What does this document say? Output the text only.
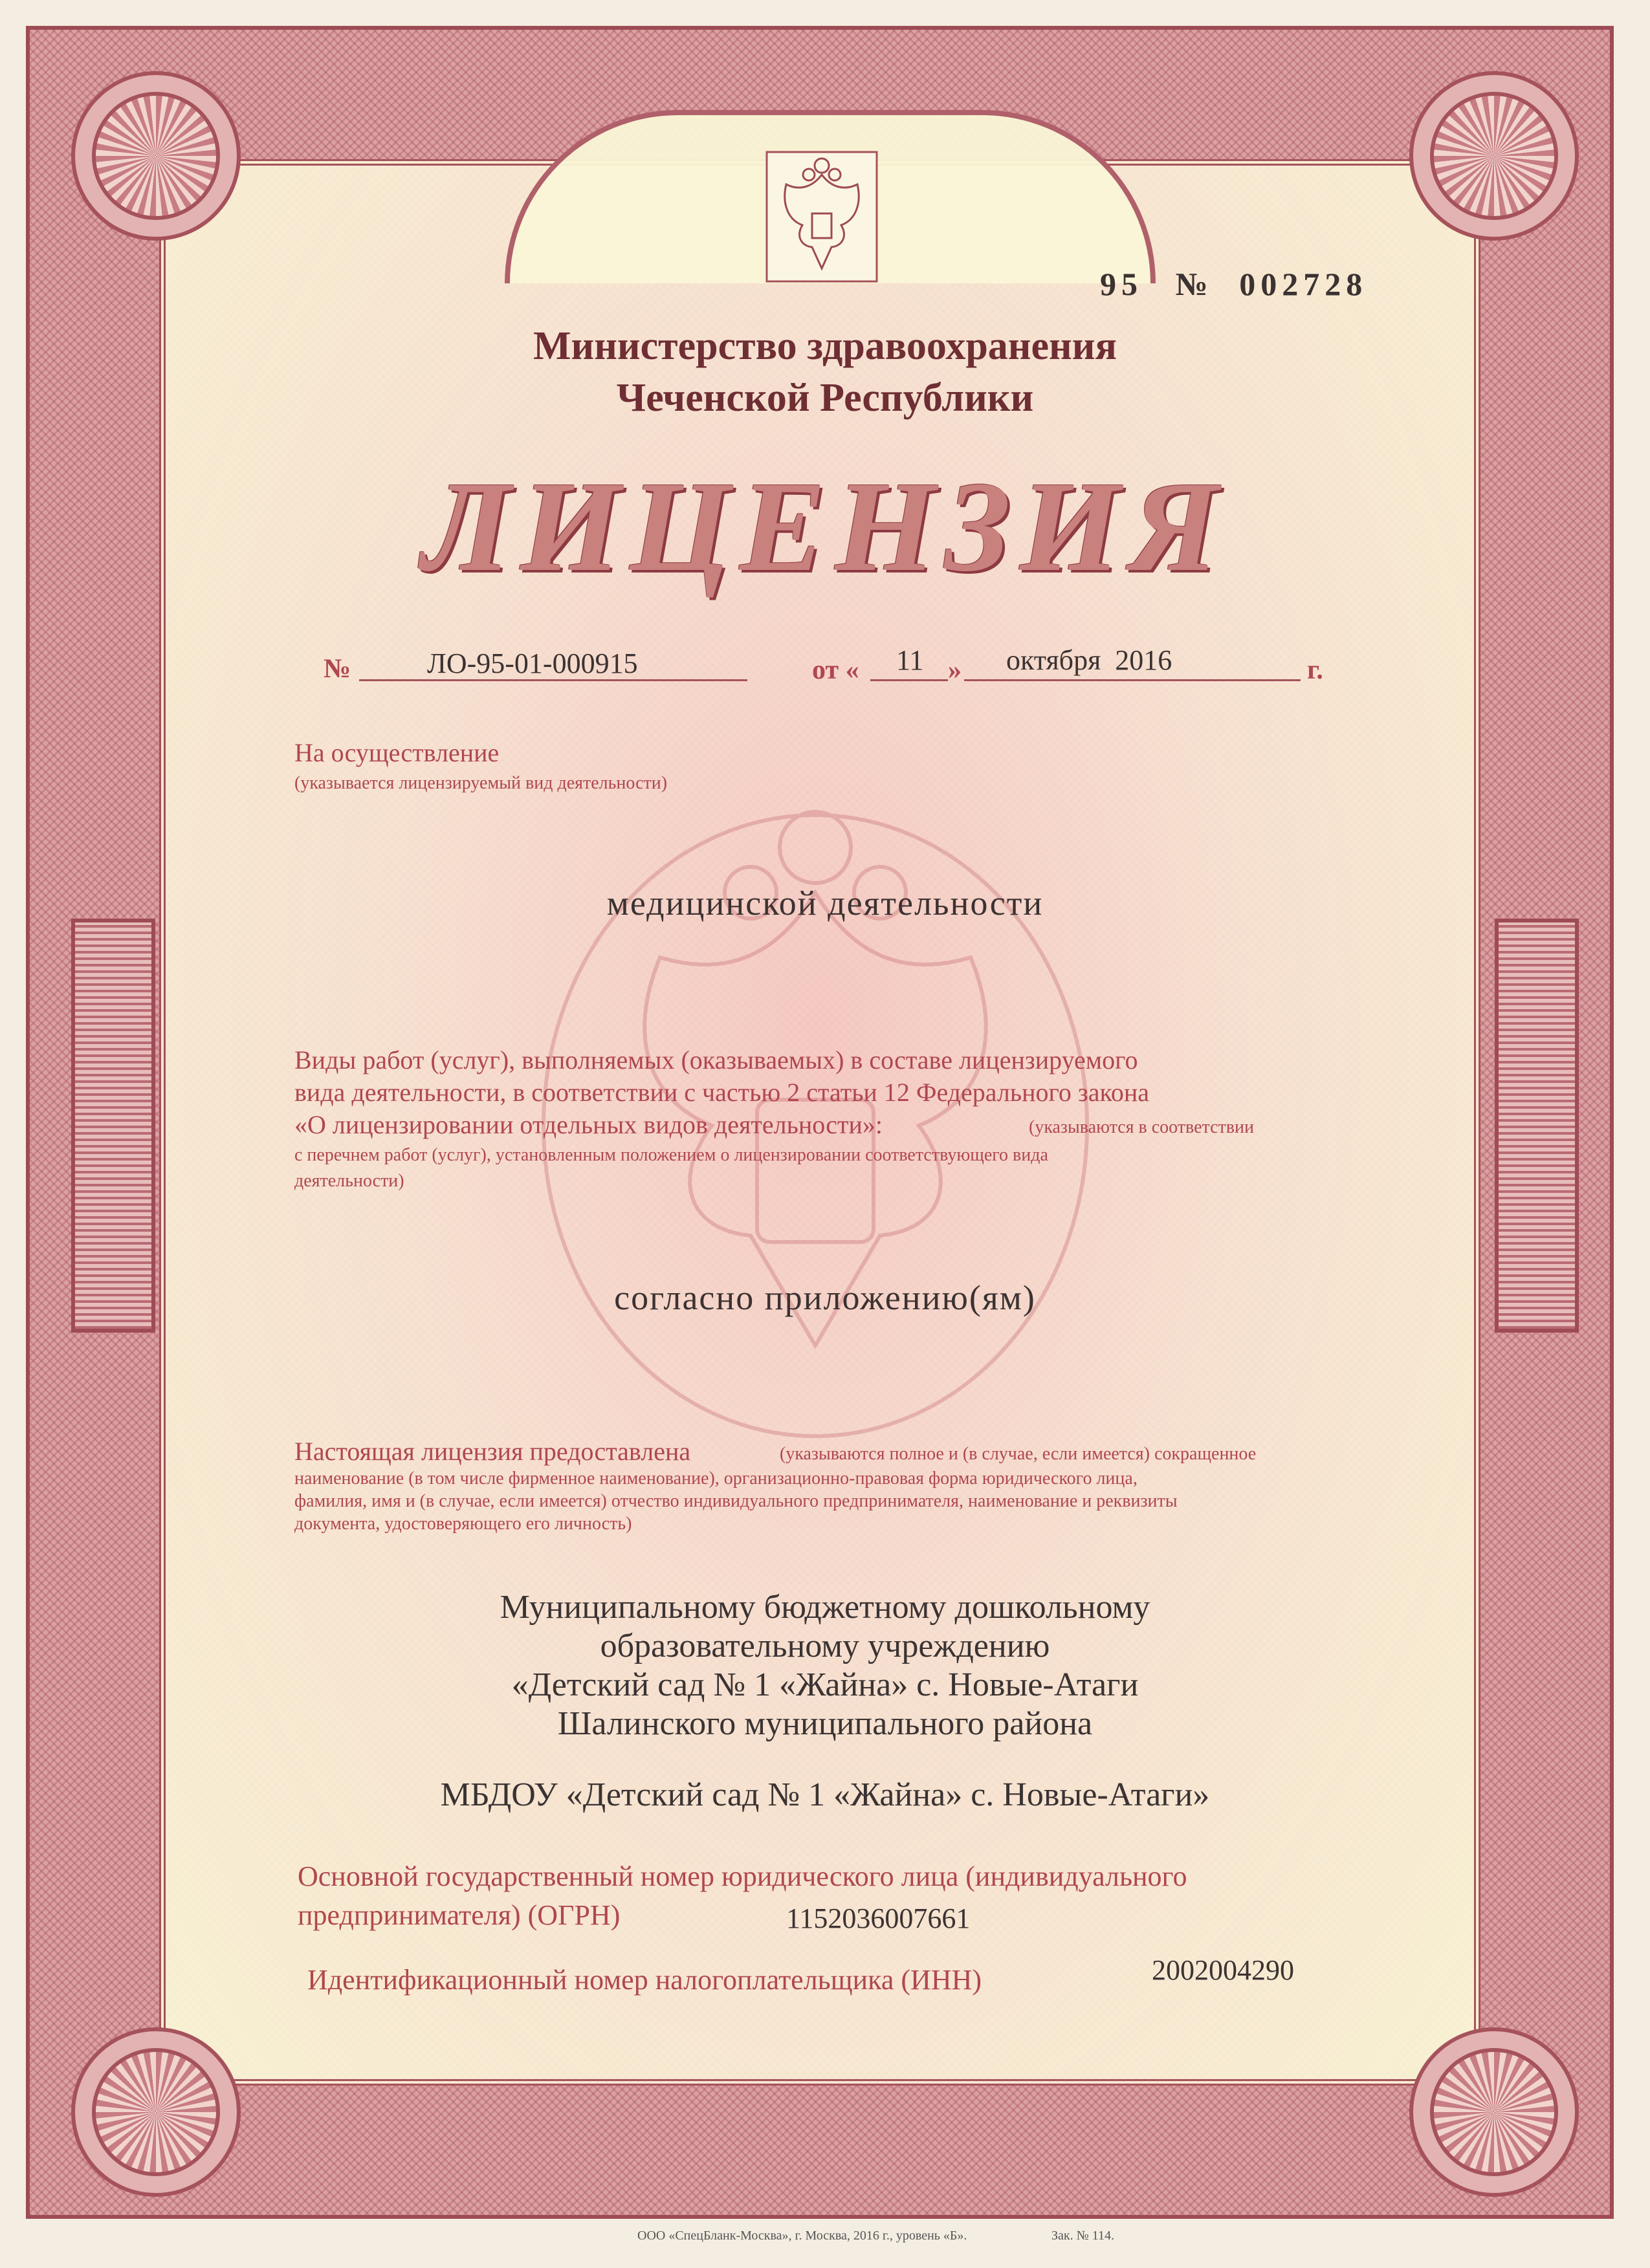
95 № 002728
Министерство здравоохранения
Чеченской Республики
ЛИЦЕНЗИЯ
№	ЛО-95-01-000915	от « 11 » октября  2016	г.
На осуществление
(указывается лицензируемый вид деятельности)
медицинской деятельности
Виды работ (услуг), выполняемых (оказываемых) в составе лицензируемого
вида деятельности, в соответствии с частью 2 статьи 12 Федерального закона
«О лицензировании отдельных видов деятельности»:	(указываются в соответствии
с перечнем работ (услуг), установленным положением о лицензировании соответствующего вида
деятельности)
согласно приложению(ям)
Настоящая лицензия предоставлена	(указываются полное и (в случае, если имеется) сокращенное
наименование (в том числе фирменное наименование), организационно-правовая форма юридического лица,
фамилия, имя и (в случае, если имеется) отчество индивидуального предпринимателя, наименование и реквизиты
документа, удостоверяющего его личность)
Муниципальному бюджетному дошкольному
образовательному учреждению
«Детский сад № 1 «Жайна» с. Новые-Атаги
Шалинского муниципального района
МБДОУ «Детский сад № 1 «Жайна» с. Новые-Атаги»
Основной государственный номер юридического лица (индивидуального
предпринимателя) (ОГРН)	1152036007661
Идентификационный номер налогоплательщика (ИНН)	2002004290
ООО «СпецБланк-Москва», г. Москва, 2016 г., уровень «Б».	Зак. № 114.
